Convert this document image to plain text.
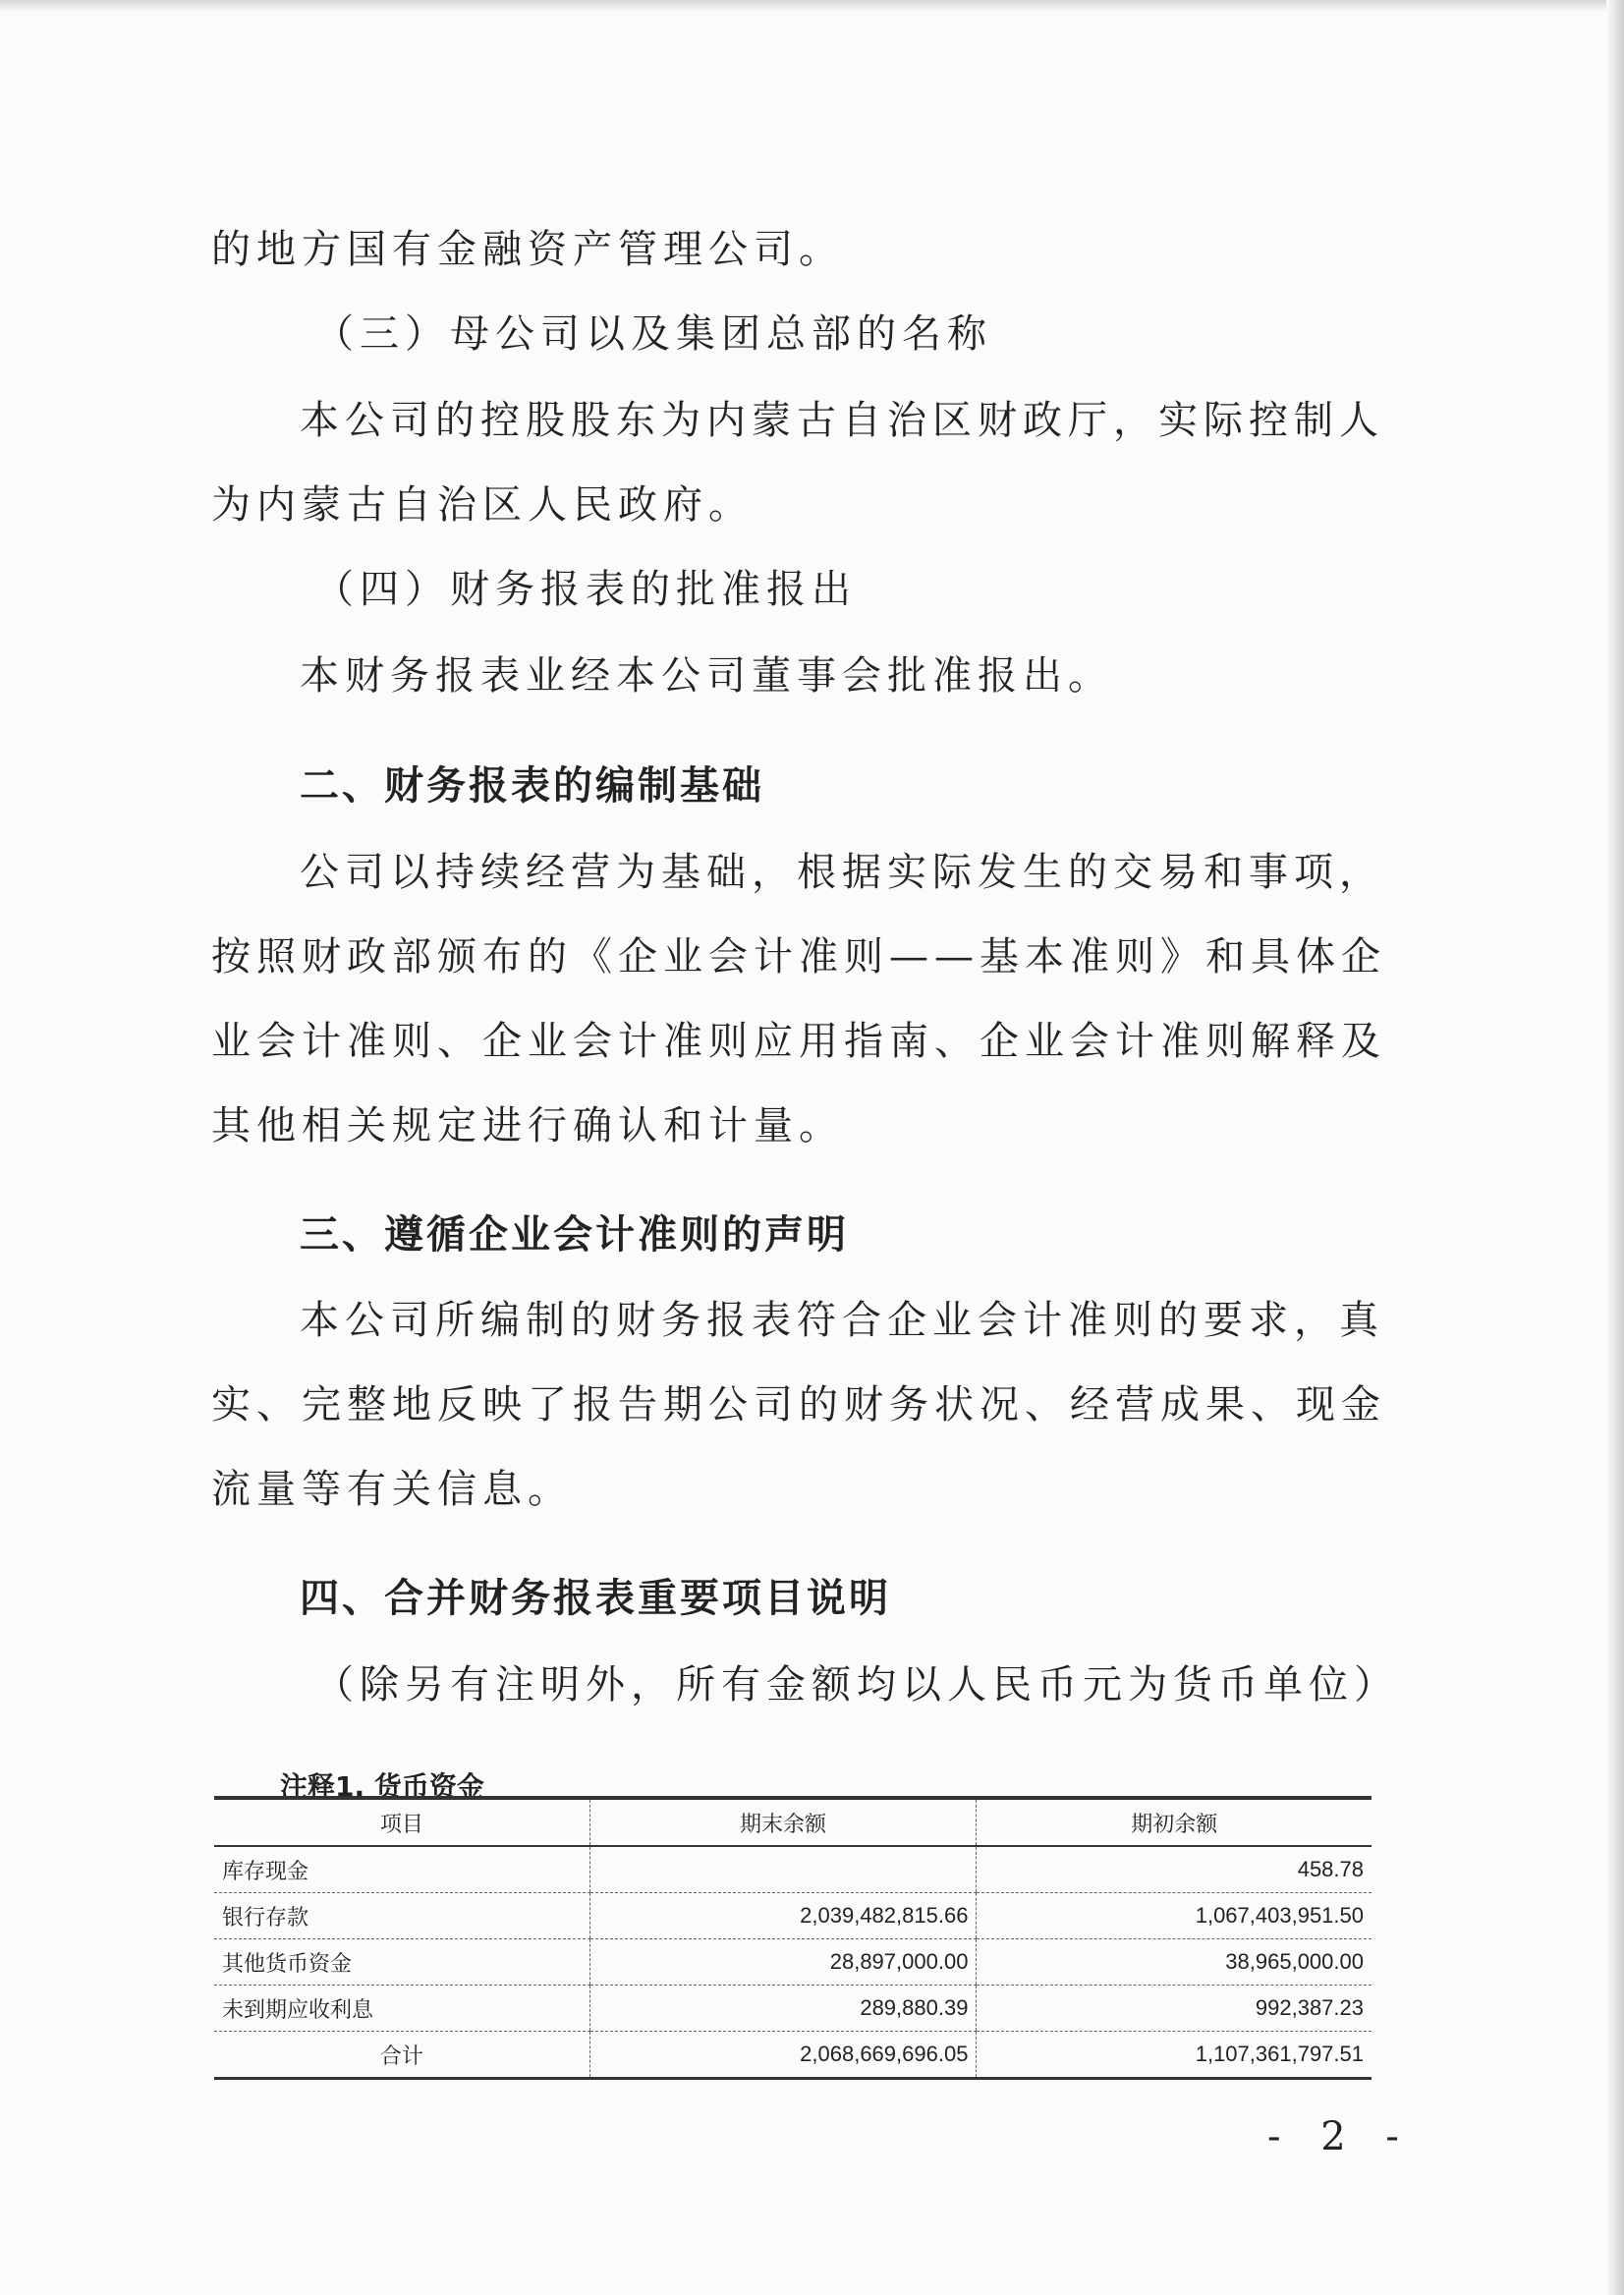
的地方国有金融资产管理公司。

（三）母公司以及集团总部的名称

本公司的控股股东为内蒙古自治区财政厅，实际控制人

为内蒙古自治区人民政府。

（四）财务报表的批准报出

本财务报表业经本公司董事会批准报出。

二、财务报表的编制基础

公司以持续经营为基础，根据实际发生的交易和事项，

按照财政部颁布的《企业会计准则——基本准则》和具体企

业会计准则、企业会计准则应用指南、企业会计准则解释及

其他相关规定进行确认和计量。

三、遵循企业会计准则的声明

本公司所编制的财务报表符合企业会计准则的要求，真

实、完整地反映了报告期公司的财务状况、经营成果、现金

流量等有关信息。

四、合并财务报表重要项目说明

（除另有注明外，所有金额均以人民币元为货币单位）

注释1. 货币资金
项目	期末余额	期初余额
库存现金		458.78
银行存款	2,039,482,815.66	1,067,403,951.50
其他货币资金	28,897,000.00	38,965,000.00
未到期应收利息	289,880.39	992,387.23
合计	2,068,669,696.05	1,107,361,797.51
- 2 -
